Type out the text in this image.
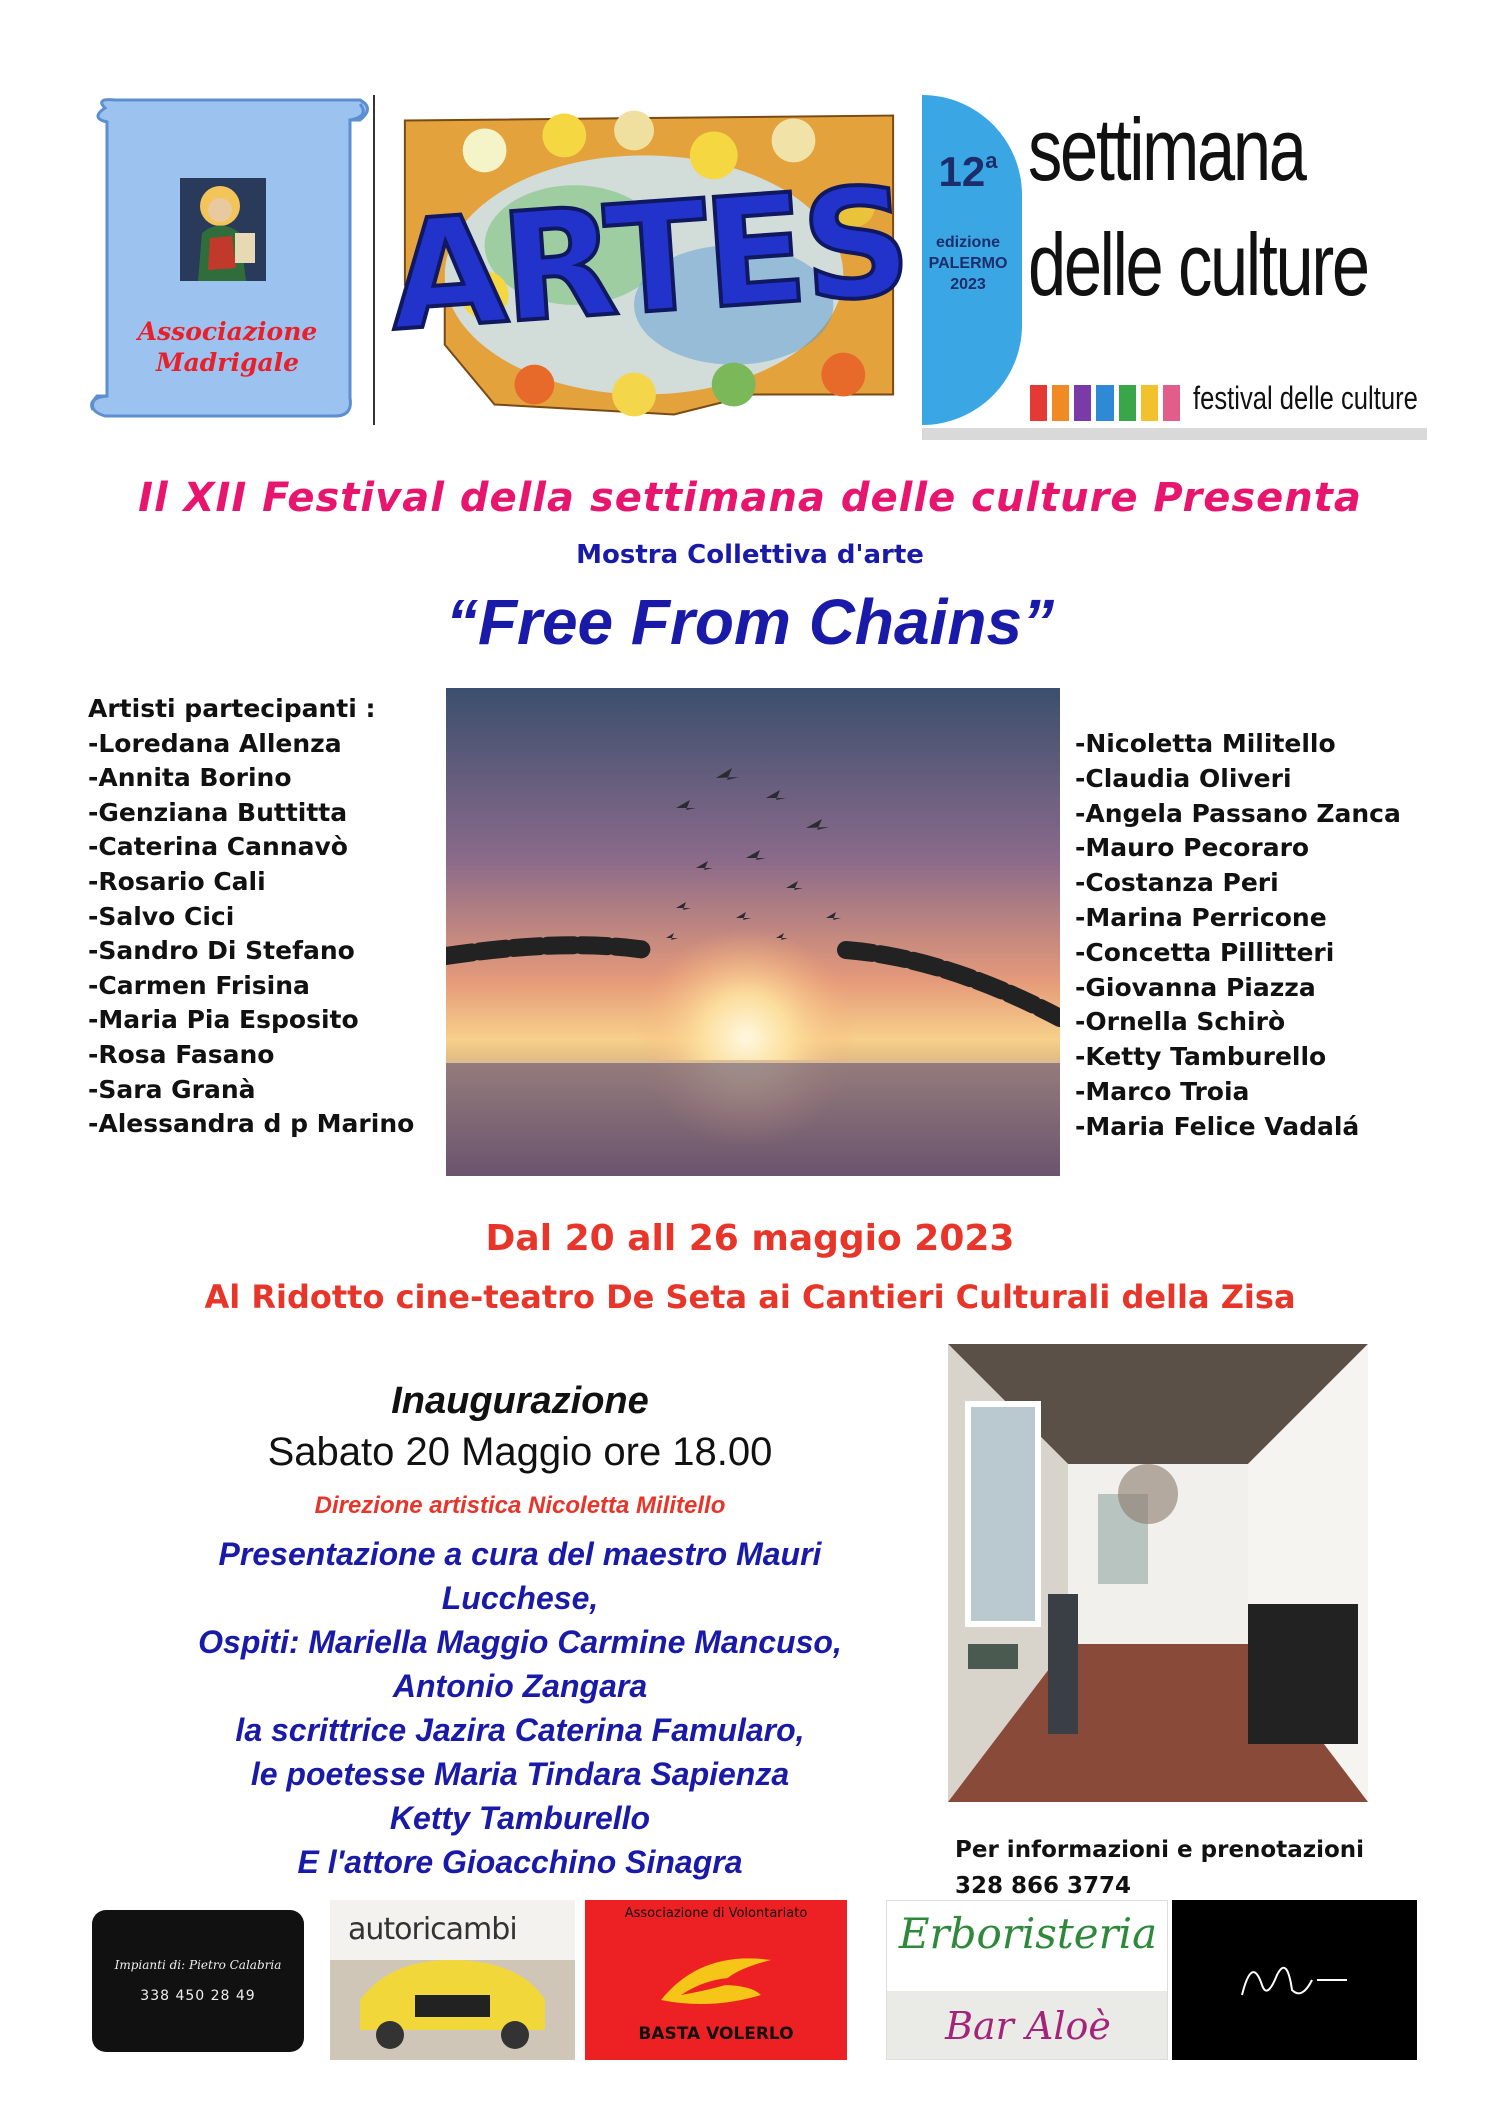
Associazione Madrigale ARTES 12$^a$
edizione
PALERMO
2023
settimana
delle culture
festival delle culture
Il XII Festival della settimana delle culture Presenta
Mostra Collettiva d'arte
“Free From Chains”
Artisti partecipanti :
-Loredana Allenza
-Annita Borino
-Genziana Buttitta
-Caterina Cannavò
-Rosario Cali
-Salvo Cici
-Sandro Di Stefano
-Carmen Frisina
-Maria Pia Esposito
-Rosa Fasano
-Sara Granà
-Alessandra d p Marino
-Nicoletta Militello
-Claudia Oliveri
-Angela Passano Zanca
-Mauro Pecoraro
-Costanza Peri
-Marina Perricone
-Concetta Pillitteri
-Giovanna Piazza
-Ornella Schirò
-Ketty Tamburello
-Marco Troia
-Maria Felice Vadalá
Dal 20 all 26 maggio 2023
Al Ridotto cine-teatro De Seta ai Cantieri Culturali della Zisa
Inaugurazione
Sabato 20 Maggio ore 18.00
Direzione artistica Nicoletta Militello
Presentazione a cura del maestro Mauri
Lucchese,
Ospiti: Mariella Maggio Carmine Mancuso,
Antonio Zangara
la scrittrice Jazira Caterina Famularo,
le poetesse Maria Tindara Sapienza
Ketty Tamburello
E l'attore Gioacchino Sinagra	Per informazioni e prenotazioni
328 866 3774
Impianti di: Pietro Calabria
338 450 28 49
autoricambi	Associazione di Volontariato
BASTA VOLERLO
Erboristeria
Bar Aloè
